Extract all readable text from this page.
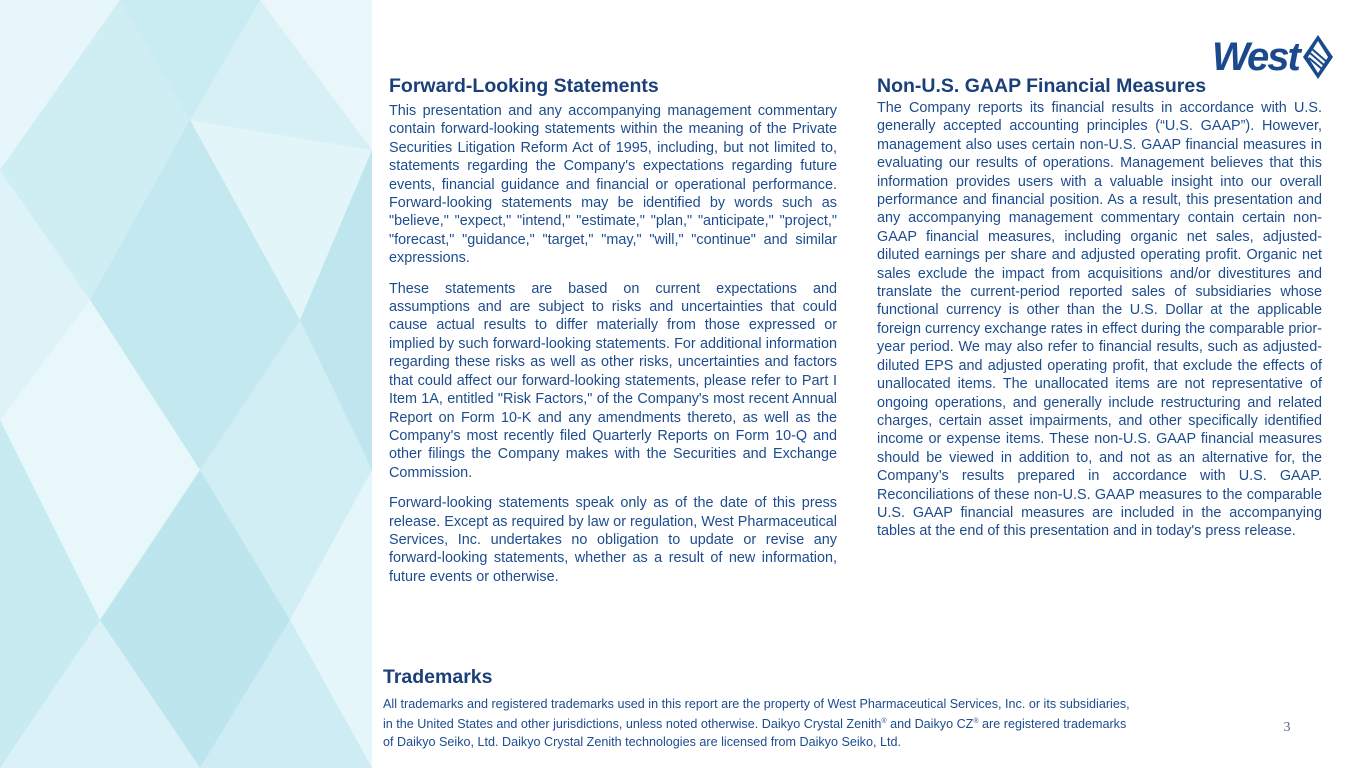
West
Forward-Looking Statements

This presentation and any accompanying management commentary contain forward-looking statements within the meaning of the Private Securities Litigation Reform Act of 1995, including, but not limited to, statements regarding the Company's expectations regarding future events, financial guidance and financial or operational performance. Forward-looking statements may be identified by words such as "believe," "expect," "intend," "estimate," "plan," "anticipate," "project," "forecast," "guidance," "target," "may," "will," "continue" and similar expressions.

These statements are based on current expectations and assumptions and are subject to risks and uncertainties that could cause actual results to differ materially from those expressed or implied by such forward-looking statements. For additional information regarding these risks as well as other risks, uncertainties and factors that could affect our forward-looking statements, please refer to Part I Item 1A, entitled "Risk Factors," of the Company's most recent Annual Report on Form 10-K and any amendments thereto, as well as the Company's most recently filed Quarterly Reports on Form 10-Q and other filings the Company makes with the Securities and Exchange Commission.

Forward-looking statements speak only as of the date of this press release. Except as required by law or regulation, West Pharmaceutical Services, Inc. undertakes no obligation to update or revise any forward-looking statements, whether as a result of new information, future events or otherwise.

Non-U.S. GAAP Financial Measures

The Company reports its financial results in accordance with U.S. generally accepted accounting principles (“U.S. GAAP”). However, management also uses certain non-U.S. GAAP financial measures in evaluating our results of operations. Management believes that this information provides users with a valuable insight into our overall performance and financial position. As a result, this presentation and any accompanying management commentary contain certain non-GAAP financial measures, including organic net sales, adjusted-diluted earnings per share and adjusted operating profit. Organic net sales exclude the impact from acquisitions and/or divestitures and translate the current-period reported sales of subsidiaries whose functional currency is other than the U.S. Dollar at the applicable foreign currency exchange rates in effect during the comparable prior-year period. We may also refer to financial results, such as adjusted-diluted EPS and adjusted operating profit, that exclude the effects of unallocated items. The unallocated items are not representative of ongoing operations, and generally include restructuring and related charges, certain asset impairments, and other specifically identified income or expense items. These non-U.S. GAAP financial measures should be viewed in addition to, and not as an alternative for, the Company’s results prepared in accordance with U.S. GAAP. Reconciliations of these non-U.S. GAAP measures to the comparable U.S. GAAP financial measures are included in the accompanying tables at the end of this presentation and in today's press release.

Trademarks

All trademarks and registered trademarks used in this report are the property of West Pharmaceutical Services, Inc. or its subsidiaries,
in the United States and other jurisdictions, unless noted otherwise. Daikyo Crystal Zenith® and Daikyo CZ® are registered trademarks
of Daikyo Seiko, Ltd. Daikyo Crystal Zenith technologies are licensed from Daikyo Seiko, Ltd.

3
